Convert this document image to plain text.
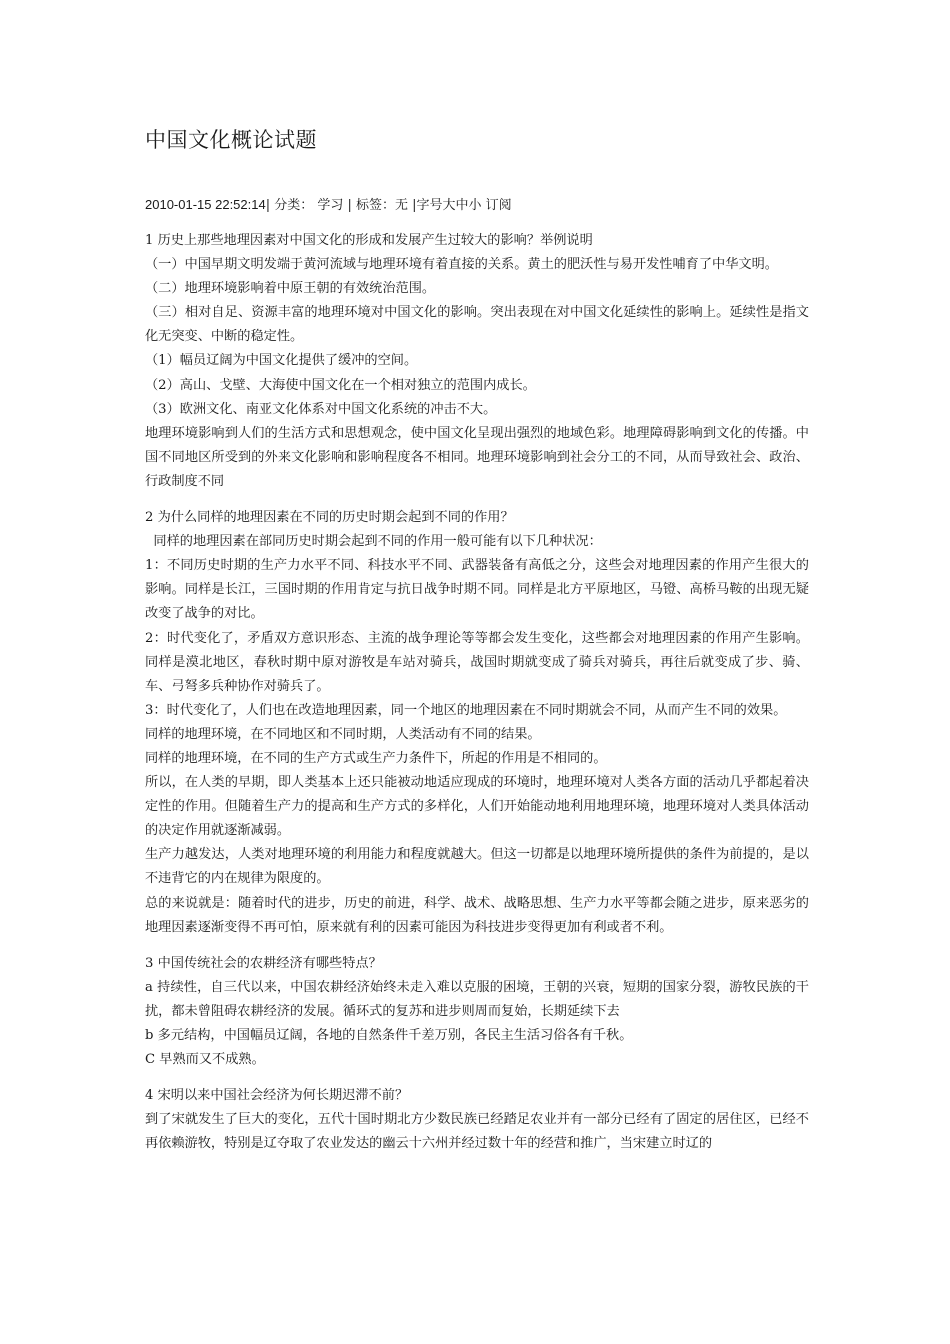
中国文化概论试题
2010-01-15 22:52:14| 分类： 学习 | 标签：无 |字号大中小 订阅

1 历史上那些地理因素对中国文化的形成和发展产生过较大的影响？举例说明

（一）中国早期文明发端于黄河流域与地理环境有着直接的关系。黄土的肥沃性与易开发性哺育了中华文明。

（二）地理环境影响着中原王朝的有效统治范围。

（三）相对自足、资源丰富的地理环境对中国文化的影响。突出表现在对中国文化延续性的影响上。延续性是指文化无突变、中断的稳定性。

（1）幅员辽阔为中国文化提供了缓冲的空间。

（2）高山、戈壁、大海使中国文化在一个相对独立的范围内成长。

（3）欧洲文化、南亚文化体系对中国文化系统的冲击不大。

地理环境影响到人们的生活方式和思想观念，使中国文化呈现出强烈的地域色彩。地理障碍影响到文化的传播。中国不同地区所受到的外来文化影响和影响程度各不相同。地理环境影响到社会分工的不同，从而导致社会、政治、行政制度不同

2 为什么同样的地理因素在不同的历史时期会起到不同的作用？

同样的地理因素在部同历史时期会起到不同的作用一般可能有以下几种状况：

1：不同历史时期的生产力水平不同、科技水平不同、武器装备有高低之分，这些会对地理因素的作用产生很大的影响。同样是长江，三国时期的作用肯定与抗日战争时期不同。同样是北方平原地区，马镫、高桥马鞍的出现无疑改变了战争的对比。

2：时代变化了，矛盾双方意识形态、主流的战争理论等等都会发生变化，这些都会对地理因素的作用产生影响。同样是漠北地区，春秋时期中原对游牧是车站对骑兵，战国时期就变成了骑兵对骑兵，再往后就变成了步、骑、车、弓弩多兵种协作对骑兵了。

3：时代变化了，人们也在改造地理因素，同一个地区的地理因素在不同时期就会不同，从而产生不同的效果。

同样的地理环境，在不同地区和不同时期，人类活动有不同的结果。

同样的地理环境，在不同的生产方式或生产力条件下，所起的作用是不相同的。

所以，在人类的早期，即人类基本上还只能被动地适应现成的环境时，地理环境对人类各方面的活动几乎都起着决定性的作用。但随着生产力的提高和生产方式的多样化，人们开始能动地利用地理环境，地理环境对人类具体活动的决定作用就逐渐减弱。

生产力越发达，人类对地理环境的利用能力和程度就越大。但这一切都是以地理环境所提供的条件为前提的，是以不违背它的内在规律为限度的。

总的来说就是：随着时代的进步，历史的前进，科学、战术、战略思想、生产力水平等都会随之进步，原来恶劣的地理因素逐渐变得不再可怕，原来就有利的因素可能因为科技进步变得更加有利或者不利。

3 中国传统社会的农耕经济有哪些特点？

a 持续性，自三代以来，中国农耕经济始终未走入难以克服的困境，王朝的兴衰，短期的国家分裂，游牧民族的干扰，都未曾阻碍农耕经济的发展。循环式的复苏和进步则周而复始，长期延续下去

b 多元结构，中国幅员辽阔，各地的自然条件千差万别，各民主生活习俗各有千秋。

C 早熟而又不成熟。

4 宋明以来中国社会经济为何长期迟滞不前？

到了宋就发生了巨大的变化，五代十国时期北方少数民族已经踏足农业并有一部分已经有了固定的居住区，已经不再依赖游牧，特别是辽夺取了农业发达的幽云十六州并经过数十年的经营和推广，当宋建立时辽的
